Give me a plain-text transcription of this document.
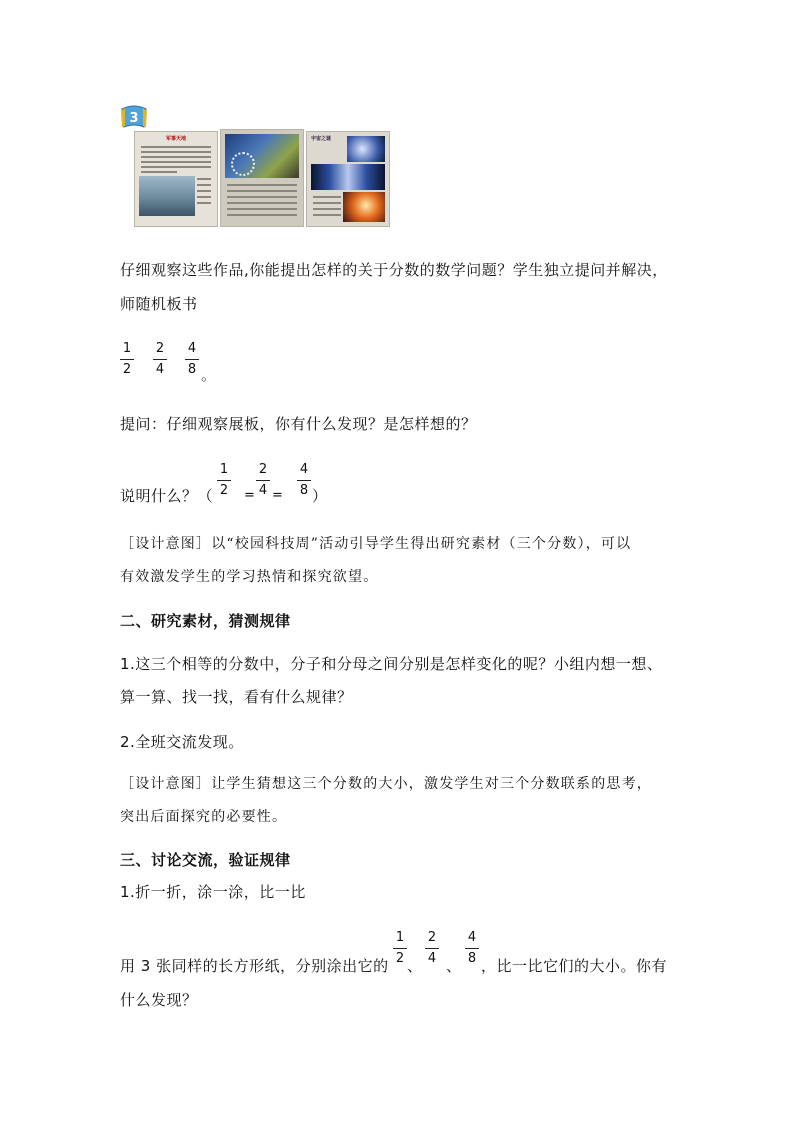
3
军事天地	宇宙之谜
仔细观察这些作品,你能提出怎样的关于分数的数学问题？学生独立提问并解决，
师随机板书
1
2
2
4
4
8 。
提问：仔细观察展板，你有什么发现？是怎样想的？
说明什么？（
1
2 =
2
4 =
4
8 ）
［设计意图］以“校园科技周”活动引导学生得出研究素材（三个分数），可以
有效激发学生的学习热情和探究欲望。
二、研究素材，猜测规律
1.这三个相等的分数中，分子和分母之间分别是怎样变化的呢？小组内想一想、
算一算、找一找，看有什么规律？
2.全班交流发现。
［设计意图］让学生猜想这三个分数的大小，激发学生对三个分数联系的思考，
突出后面探究的必要性。
三、讨论交流，验证规律
1.折一折，涂一涂，比一比
用 3 张同样的长方形纸，分别涂出它的
1
2 、
2
4 、
4
8 ，比一比它们的大小。你有
什么发现？
